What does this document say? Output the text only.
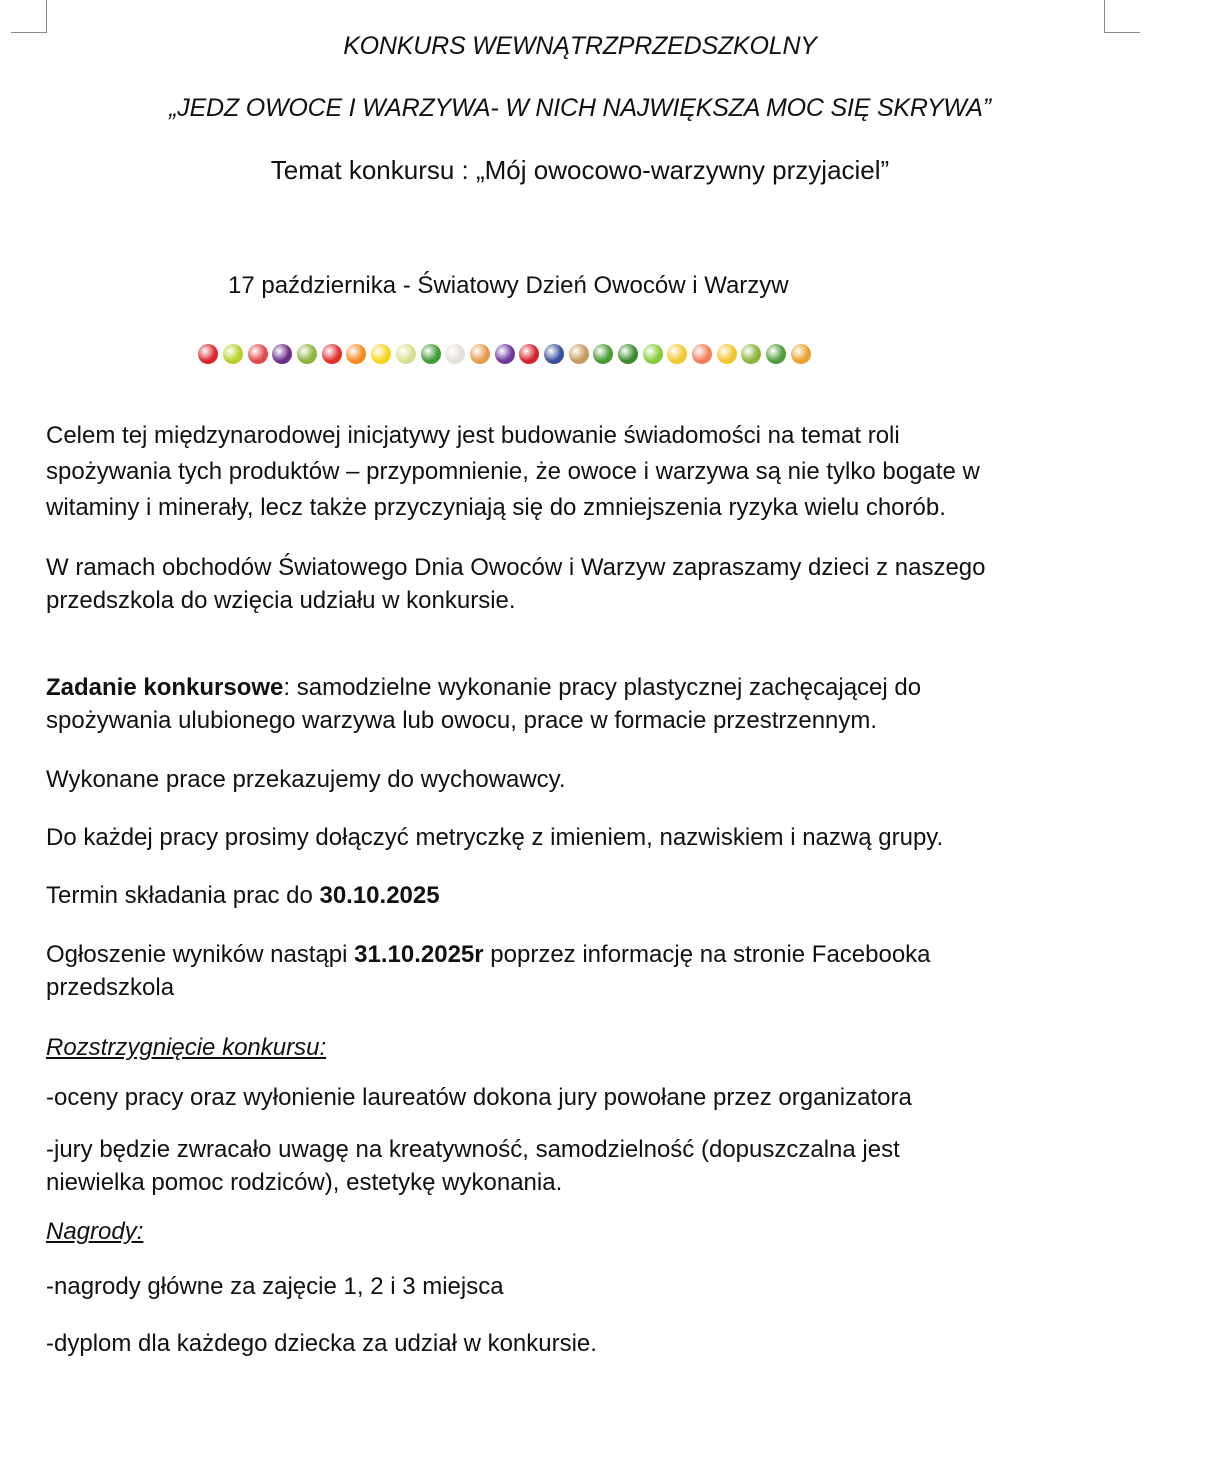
KONKURS WEWNĄTRZPRZEDSZKOLNY
„JEDZ OWOCE I WARZYWA- W NICH NAJWIĘKSZA MOC SIĘ SKRYWA”
Temat konkursu : „Mój owocowo-warzywny przyjaciel”
17 października - Światowy Dzień Owoców i Warzyw
Celem tej międzynarodowej inicjatywy jest budowanie świadomości na temat roli
spożywania tych produktów – przypomnienie, że owoce i warzywa są nie tylko bogate w
witaminy i minerały, lecz także przyczyniają się do zmniejszenia ryzyka wielu chorób.
W ramach obchodów Światowego Dnia Owoców i Warzyw zapraszamy dzieci z naszego
przedszkola do wzięcia udziału w konkursie.
Zadanie konkursowe: samodzielne wykonanie pracy plastycznej zachęcającej do
spożywania ulubionego warzywa lub owocu, prace w formacie przestrzennym.
Wykonane prace przekazujemy do wychowawcy.
Do każdej pracy prosimy dołączyć metryczkę z imieniem, nazwiskiem i nazwą grupy.
Termin składania prac do 30.10.2025
Ogłoszenie wyników nastąpi 31.10.2025r poprzez informację na stronie Facebooka
przedszkola
Rozstrzygnięcie konkursu:
-oceny pracy oraz wyłonienie laureatów dokona jury powołane przez organizatora
-jury będzie zwracało uwagę na kreatywność, samodzielność (dopuszczalna jest
niewielka pomoc rodziców), estetykę wykonania.
Nagrody:
-nagrody główne za zajęcie 1, 2 i 3 miejsca
-dyplom dla każdego dziecka za udział w konkursie.
